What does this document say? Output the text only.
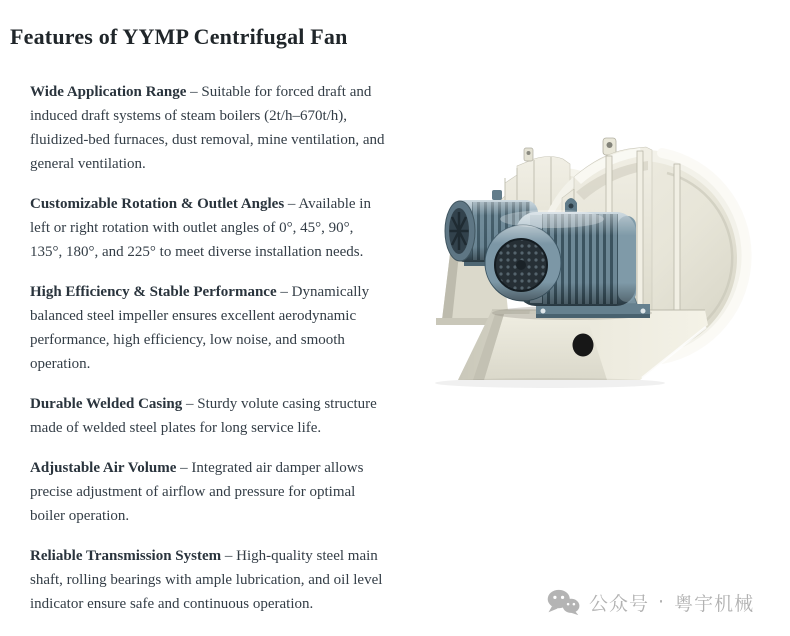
Features of YYMP Centrifugal Fan

Wide Application Range – Suitable for forced draft and induced draft systems of steam boilers (2t/h–670t/h), fluidized-bed furnaces, dust removal, mine ventilation, and general ventilation.

Customizable Rotation & Outlet Angles – Available in left or right rotation with outlet angles of 0°, 45°, 90°, 135°, 180°, and 225° to meet diverse installation needs.

High Efficiency & Stable Performance – Dynamically balanced steel impeller ensures excellent aerodynamic performance, high efficiency, low noise, and smooth operation.

Durable Welded Casing – Sturdy volute casing structure made of welded steel plates for long service life.

Adjustable Air Volume – Integrated air damper allows precise adjustment of airflow and pressure for optimal boiler operation.

Reliable Transmission System – High-quality steel main shaft, rolling bearings with ample lubrication, and oil level indicator ensure safe and continuous operation.	公众号 · 粤宇机械
